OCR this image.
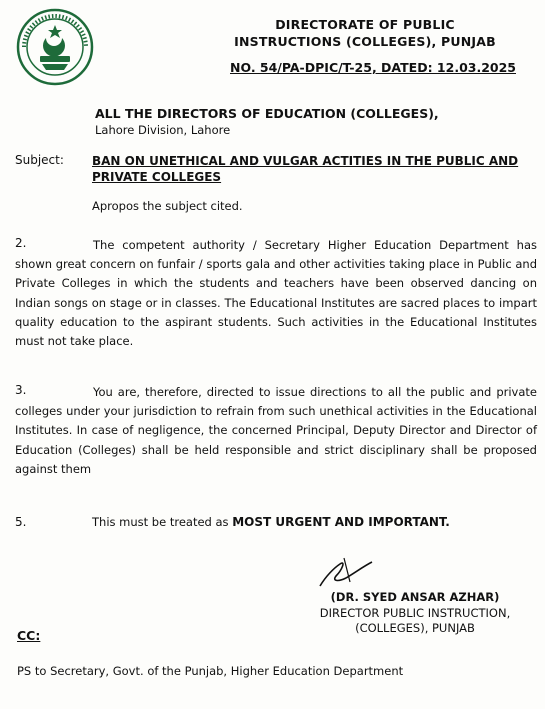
DIRECTORATE OF PUBLIC
INSTRUCTIONS (COLLEGES), PUNJAB
NO. 54/PA-DPIC/T-25, DATED: 12.03.2025
ALL THE DIRECTORS OF EDUCATION (COLLEGES),
Lahore Division, Lahore
Subject: BAN ON UNETHICAL AND VULGAR ACTITIES IN THE PUBLIC AND PRIVATE COLLEGES
Apropos the subject cited.
2.	The competent authority / Secretary Higher Education Department has shown great concern on funfair / sports gala and other activities taking place in Public and Private Colleges in which the students and teachers have been observed dancing on Indian songs on stage or in classes. The Educational Institutes are sacred places to impart quality education to the aspirant students. Such activities in the Educational Institutes must not take place.

3.	You are, therefore, directed to issue directions to all the public and private colleges under your jurisdiction to refrain from such unethical activities in the Educational Institutes. In case of negligence, the concerned Principal, Deputy Director and Director of Education (Colleges) shall be held responsible and strict disciplinary shall be proposed against them

5.	This must be treated as MOST URGENT AND IMPORTANT.
(DR. SYED ANSAR AZHAR)
DIRECTOR PUBLIC INSTRUCTION,
(COLLEGES), PUNJAB
CC:
PS to Secretary, Govt. of the Punjab, Higher Education Department
